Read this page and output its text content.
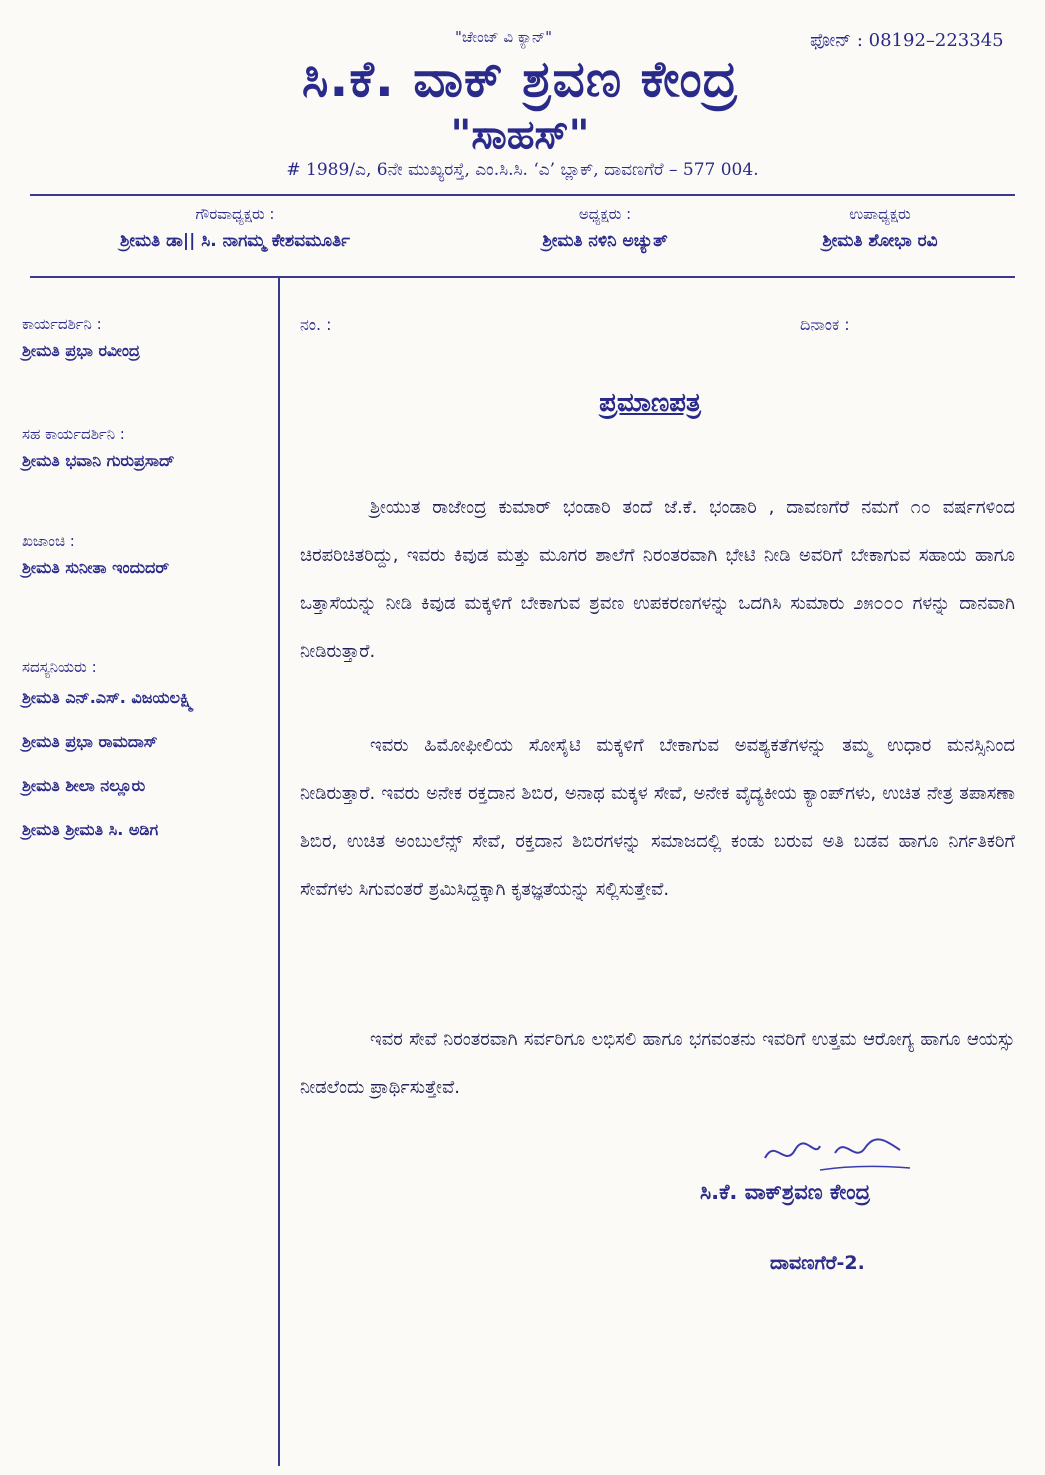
"ಚೇಂಜ್ ವಿ ಕ್ಯಾನ್"	ಫೋನ್ : 08192–223345
ಸಿ.ಕೆ. ವಾಕ್ ಶ್ರವಣ ಕೇಂದ್ರ
"ಸಾಹಸ್"
# 1989/ಎ, 6ನೇ ಮುಖ್ಯರಸ್ತೆ, ಎಂ.ಸಿ.ಸಿ. ‘ಎ’ ಬ್ಲಾಕ್, ದಾವಣಗೆರೆ – 577 004.
ಗೌರವಾಧ್ಯಕ್ಷರು :
ಶ್ರೀಮತಿ ಡಾ|| ಸಿ. ನಾಗಮ್ಮ ಕೇಶವಮೂರ್ತಿ
ಅಧ್ಯಕ್ಷರು :
ಶ್ರೀಮತಿ ನಳಿನಿ ಅಚ್ಯುತ್
ಉಪಾಧ್ಯಕ್ಷರು
ಶ್ರೀಮತಿ ಶೋಭಾ ರವಿ
ಕಾರ್ಯದರ್ಶಿನಿ :
ಶ್ರೀಮತಿ ಪ್ರಭಾ ರವೀಂದ್ರ
ಸಹ ಕಾರ್ಯದರ್ಶಿನಿ :
ಶ್ರೀಮತಿ ಭವಾನಿ ಗುರುಪ್ರಸಾದ್
ಖಜಾಂಚಿ :
ಶ್ರೀಮತಿ ಸುನೀತಾ ಇಂದುದರ್
ಸದಸ್ಯನಿಯರು :
ಶ್ರೀಮತಿ ಎನ್.ಎಸ್. ವಿಜಯಲಕ್ಷ್ಮಿ
ಶ್ರೀಮತಿ ಪ್ರಭಾ ರಾಮದಾಸ್
ಶ್ರೀಮತಿ ಶೀಲಾ ನಲ್ಲೂರು
ಶ್ರೀಮತಿ ಶ್ರೀಮತಿ ಸಿ. ಅಡಿಗ
ನಂ. :	ದಿನಾಂಕ :
ಪ್ರಮಾಣಪತ್ರ
ಶ್ರೀಯುತ ರಾಜೇಂದ್ರ ಕುಮಾರ್ ಭಂಡಾರಿ ತಂದೆ ಜೆ.ಕೆ. ಭಂಡಾರಿ , ದಾವಣಗೆರೆ ನಮಗೆ ೧೦ ವರ್ಷಗಳಿಂದ ಚಿರಪರಿಚಿತರಿದ್ದು, ಇವರು ಕಿವುಡ ಮತ್ತು ಮೂಗರ ಶಾಲೆಗೆ ನಿರಂತರವಾಗಿ ಭೇಟಿ ನೀಡಿ ಅವರಿಗೆ ಬೇಕಾಗುವ ಸಹಾಯ ಹಾಗೂ ಒತ್ತಾಸೆಯನ್ನು ನೀಡಿ ಕಿವುಡ ಮಕ್ಕಳಿಗೆ ಬೇಕಾಗುವ ಶ್ರವಣ ಉಪಕರಣಗಳನ್ನು ಒದಗಿಸಿ ಸುಮಾರು ೨೫೦೦೦ ಗಳನ್ನು ದಾನವಾಗಿ ನೀಡಿರುತ್ತಾರೆ.
ಇವರು ಹಿಮೋಫೀಲಿಯ ಸೋಸೈಟಿ ಮಕ್ಕಳಿಗೆ ಬೇಕಾಗುವ ಅವಶ್ಯಕತೆಗಳನ್ನು ತಮ್ಮ ಉಧಾರ ಮನಸ್ಸಿನಿಂದ ನೀಡಿರುತ್ತಾರೆ. ಇವರು ಅನೇಕ ರಕ್ತದಾನ ಶಿಬಿರ, ಅನಾಥ ಮಕ್ಕಳ ಸೇವೆ, ಅನೇಕ ವೈದ್ಯಕೀಯ ಕ್ಯಾಂಪ್‌ಗಳು, ಉಚಿತ ನೇತ್ರ ತಪಾಸಣಾ ಶಿಬಿರ, ಉಚಿತ ಅಂಬುಲೆನ್ಸ್ ಸೇವೆ, ರಕ್ತದಾನ ಶಿಬಿರಗಳನ್ನು ಸಮಾಜದಲ್ಲಿ ಕಂಡು ಬರುವ ಅತಿ ಬಡವ ಹಾಗೂ ನಿರ್ಗತಿಕರಿಗೆ ಸೇವೆಗಳು ಸಿಗುವಂತರೆ ಶ್ರಮಿಸಿದ್ದಕ್ಕಾಗಿ ಕೃತಜ್ಞತೆಯನ್ನು ಸಲ್ಲಿಸುತ್ತೇವೆ.
ಇವರ ಸೇವೆ ನಿರಂತರವಾಗಿ ಸರ್ವರಿಗೂ ಲಭಿಸಲಿ ಹಾಗೂ ಭಗವಂತನು ಇವರಿಗೆ ಉತ್ತಮ ಆರೋಗ್ಯ ಹಾಗೂ ಆಯಸ್ಸು ನೀಡಲೆಂದು ಪ್ರಾರ್ಥಿಸುತ್ತೇವೆ.
ಸಿ.ಕೆ. ವಾಕ್‌ಶ್ರವಣ ಕೇಂದ್ರ
ದಾವಣಗೆರೆ-2.
